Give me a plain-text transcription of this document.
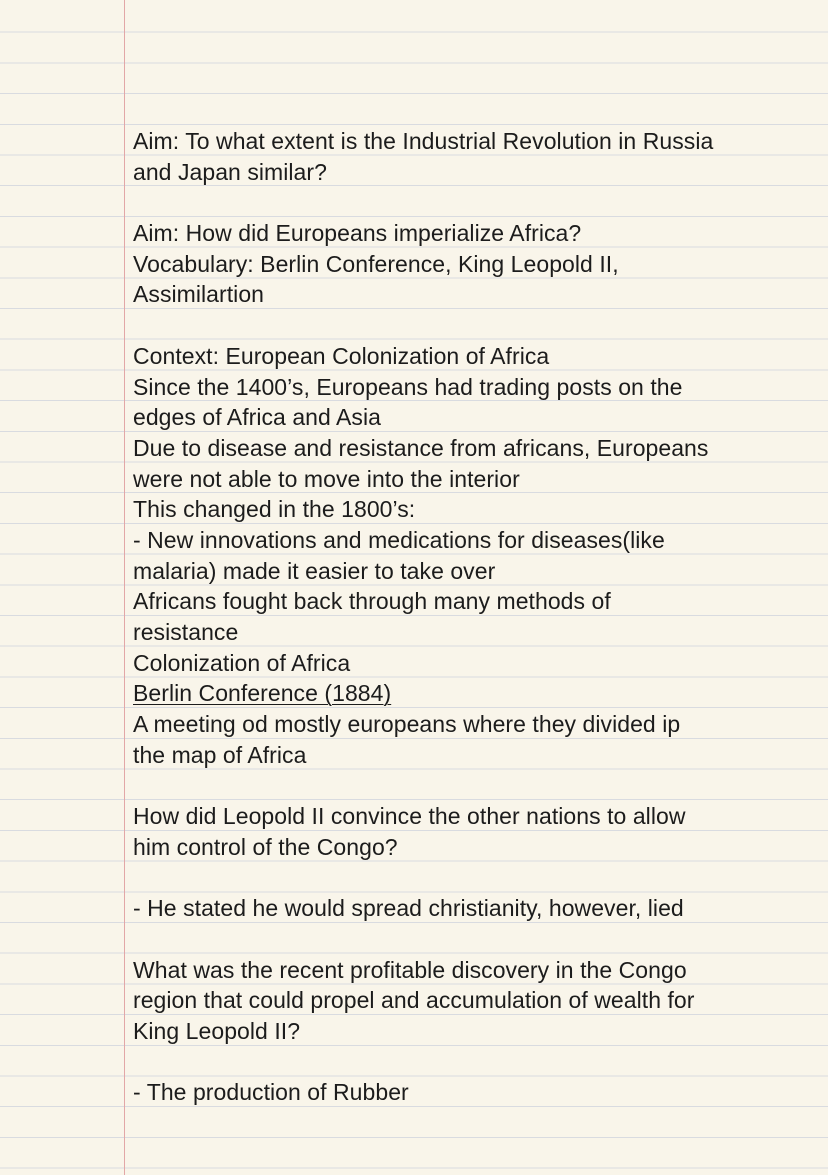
Aim: To what extent is the Industrial Revolution in Russia
and Japan similar?
Aim: How did Europeans imperialize Africa?
Vocabulary: Berlin Conference, King Leopold II,
Assimilartion
Context: European Colonization of Africa
Since the 1400’s, Europeans had trading posts on the
edges of Africa and Asia
Due to disease and resistance from africans, Europeans
were not able to move into the interior
This changed in the 1800’s:
- New innovations and medications for diseases(like
malaria) made it easier to take over
Africans fought back through many methods of
resistance
Colonization of Africa
Berlin Conference (1884)
A meeting od mostly europeans where they divided ip
the map of Africa
How did Leopold II convince the other nations to allow
him control of the Congo?
- He stated he would spread christianity, however, lied
What was the recent profitable discovery in the Congo
region that could propel and accumulation of wealth for
King Leopold II?
- The production of Rubber
